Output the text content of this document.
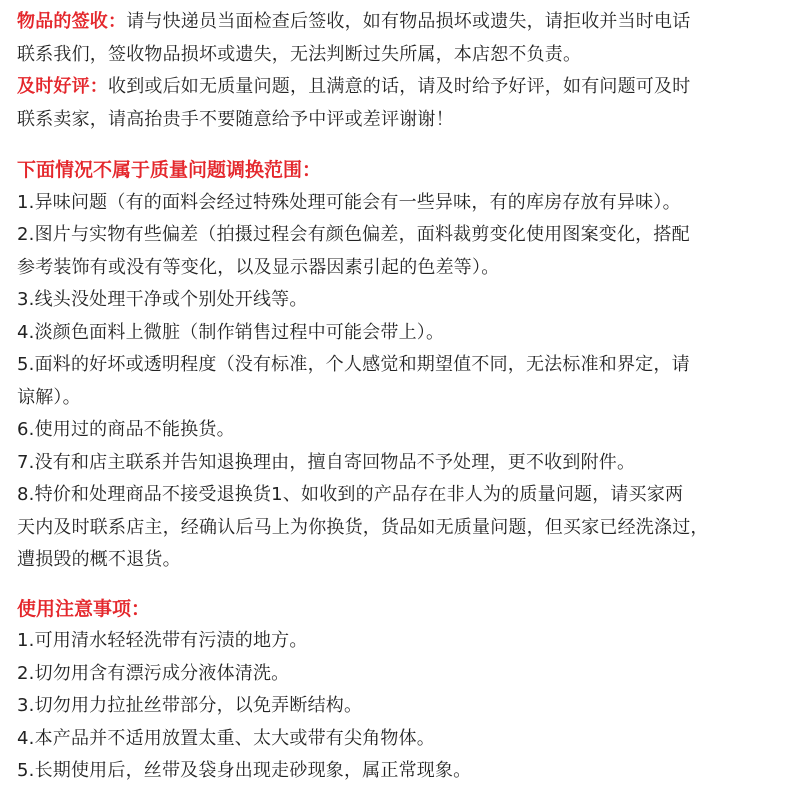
物品的签收：请与快递员当面检查后签收，如有物品损坏或遗失，请拒收并当时电话
联系我们，签收物品损坏或遗失，无法判断过失所属，本店恕不负责。
及时好评：收到或后如无质量问题，且满意的话，请及时给予好评，如有问题可及时
联系卖家，请高抬贵手不要随意给予中评或差评谢谢！
下面情况不属于质量问题调换范围：
1.异味问题（有的面料会经过特殊处理可能会有一些异味，有的库房存放有异味）。
2.图片与实物有些偏差（拍摄过程会有颜色偏差，面料裁剪变化使用图案变化，搭配
参考装饰有或没有等变化，以及显示器因素引起的色差等）。
3.线头没处理干净或个别处开线等。
4.淡颜色面料上微脏（制作销售过程中可能会带上）。
5.面料的好坏或透明程度（没有标准，个人感觉和期望值不同，无法标准和界定，请
谅解）。
6.使用过的商品不能换货。
7.没有和店主联系并告知退换理由，擅自寄回物品不予处理，更不收到附件。
8.特价和处理商品不接受退换货1、如收到的产品存在非人为的质量问题，请买家两
天内及时联系店主，经确认后马上为你换货，货品如无质量问题，但买家已经洗涤过，
遭损毁的概不退货。
使用注意事项：
1.可用清水轻轻洗带有污渍的地方。
2.切勿用含有漂污成分液体清洗。
3.切勿用力拉扯丝带部分，以免弄断结构。
4.本产品并不适用放置太重、太大或带有尖角物体。
5.长期使用后，丝带及袋身出现走砂现象，属正常现象。
